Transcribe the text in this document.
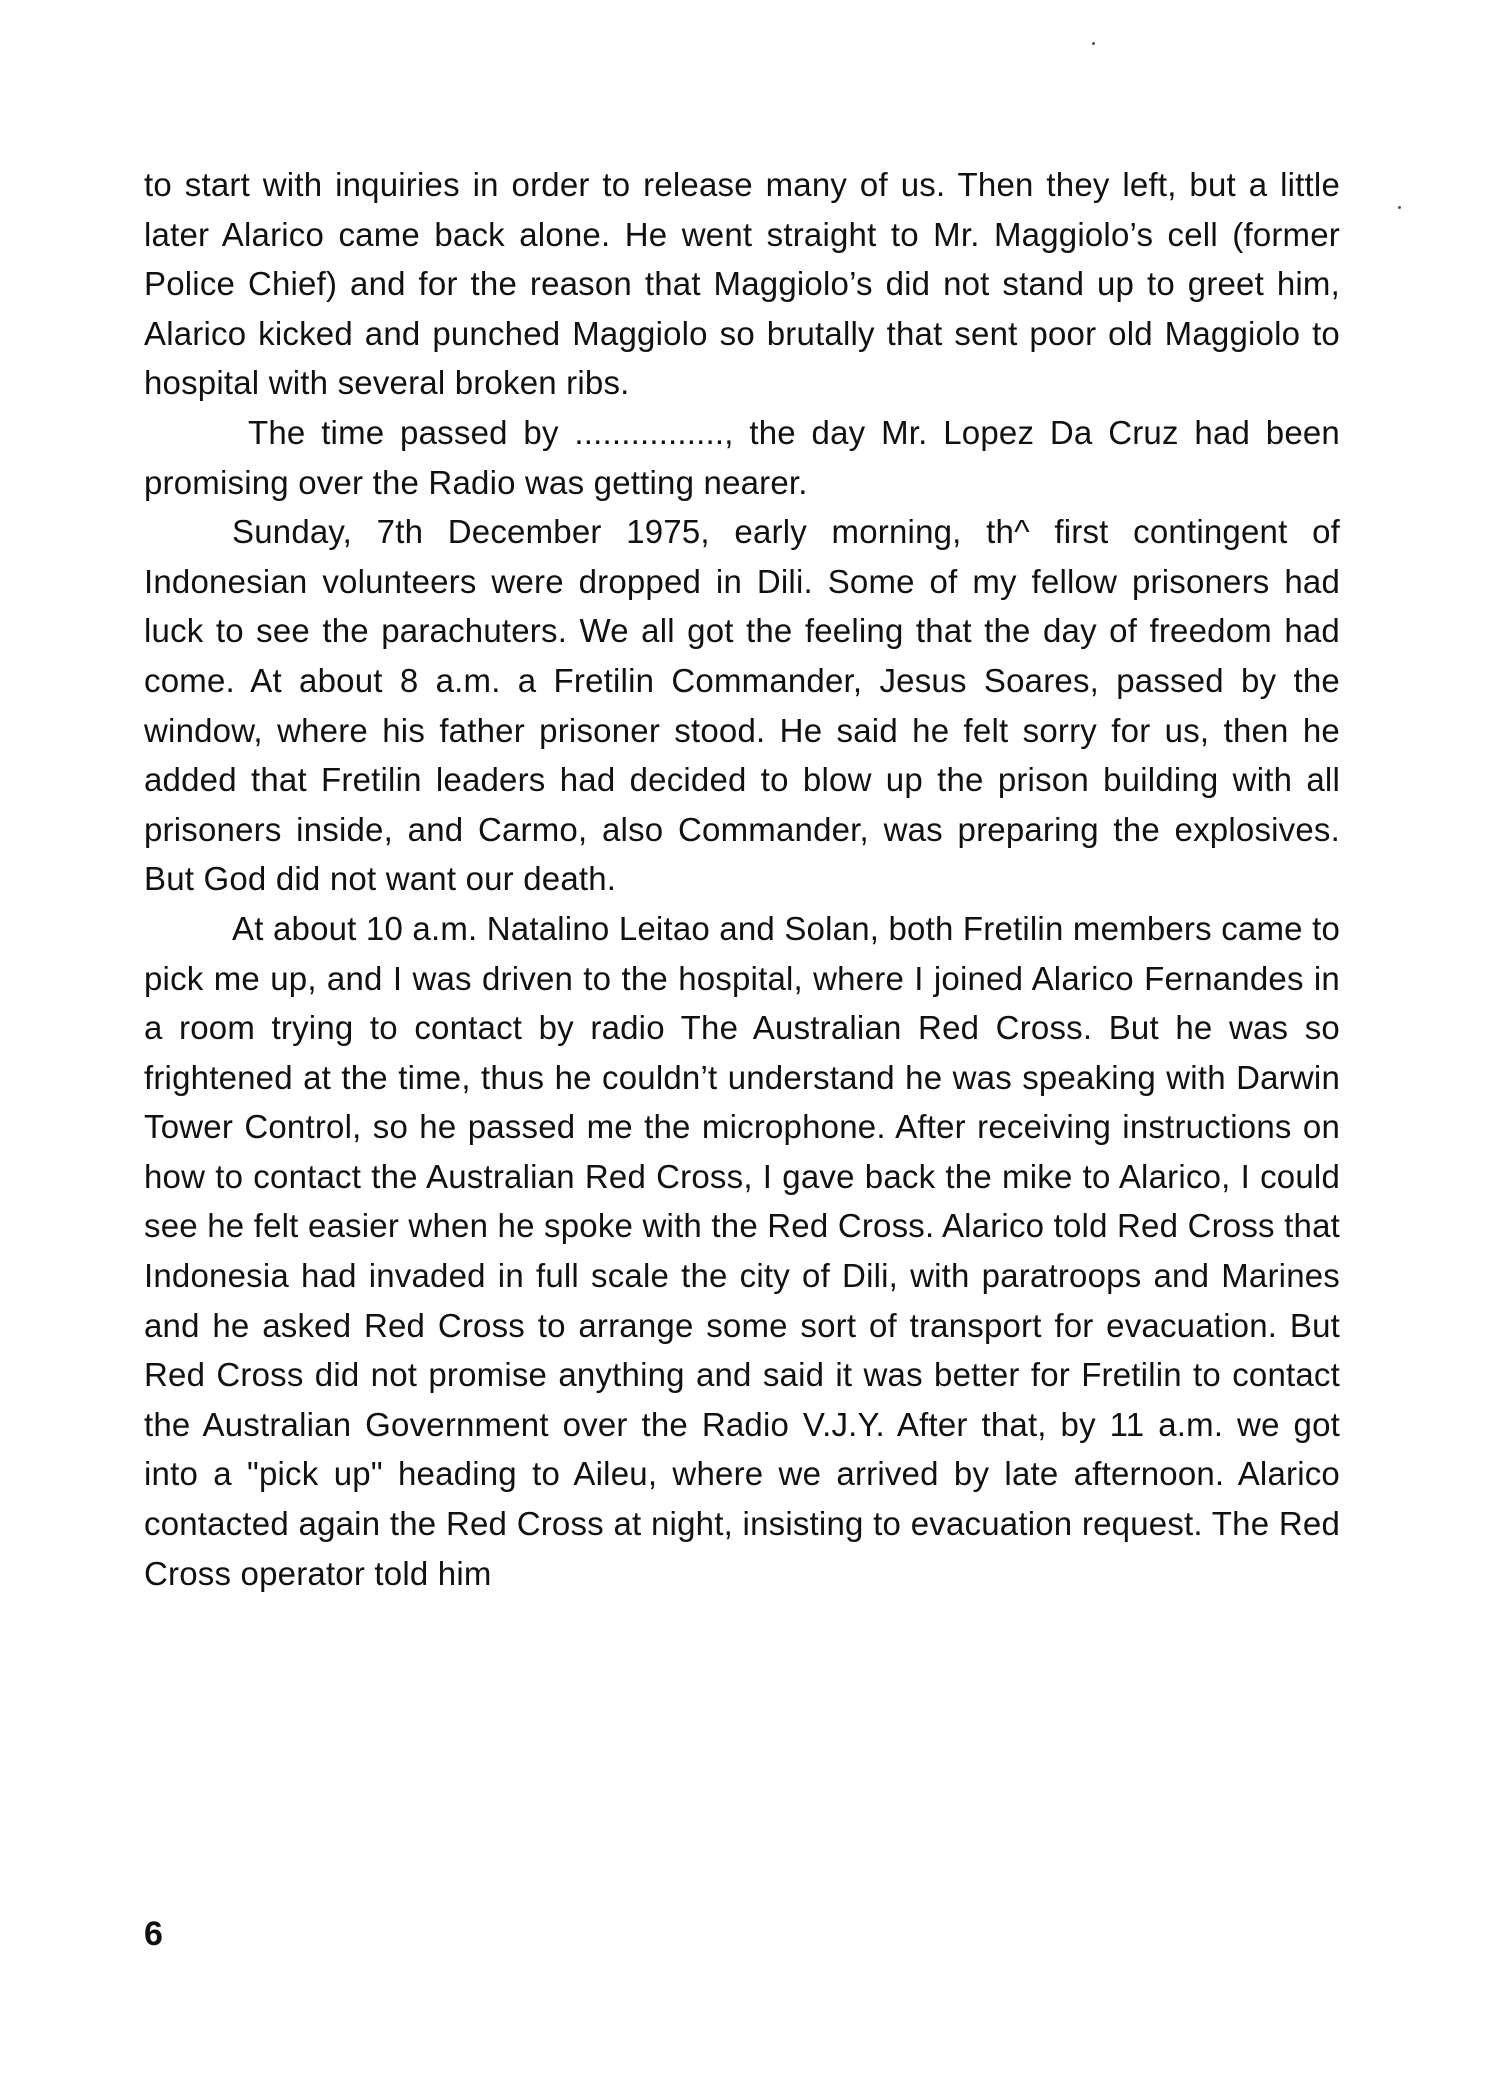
to start with inquiries in order to release many of us. Then they left, but a little later Alarico came back alone. He went straight to Mr. Maggiolo’s cell (former Police Chief) and for the reason that Maggiolo’s did not stand up to greet him, Alarico kicked and punched Maggiolo so brutally that sent poor old Maggiolo to hospital with several broken ribs.

The time passed by ................, the day Mr. Lopez Da Cruz had been promising over the Radio was getting nearer.

Sunday, 7th December 1975, early morning, th^ first contingent of Indonesian volunteers were dropped in Dili. Some of my fellow prisoners had luck to see the parachuters. We all got the feeling that the day of freedom had come. At about 8 a.m. a Fretilin Commander, Jesus Soares, passed by the window, where his father prisoner stood. He said he felt sorry for us, then he added that Fretilin leaders had decided to blow up the prison building with all prisoners inside, and Carmo, also Commander, was preparing the explosives. But God did not want our death.

At about 10 a.m. Natalino Leitao and Solan, both Fretilin members came to pick me up, and I was driven to the hospital, where I joined Alarico Fernandes in a room trying to contact by radio The Australian Red Cross. But he was so frightened at the time, thus he couldn’t understand he was speaking with Darwin Tower Control, so he passed me the microphone. After receiving instructions on how to contact the Australian Red Cross, I gave back the mike to Alarico, I could see he felt easier when he spoke with the Red Cross. Alarico told Red Cross that Indonesia had invaded in full scale the city of Dili, with paratroops and Marines and he asked Red Cross to arrange some sort of transport for evacuation. But Red Cross did not promise anything and said it was better for Fretilin to contact the Australian Government over the Radio V.J.Y. After that, by 11 a.m. we got into a "pick up" heading to Aileu, where we arrived by late afternoon. Alarico contacted again the Red Cross at night, insisting to evacuation request. The Red Cross operator told him

6
